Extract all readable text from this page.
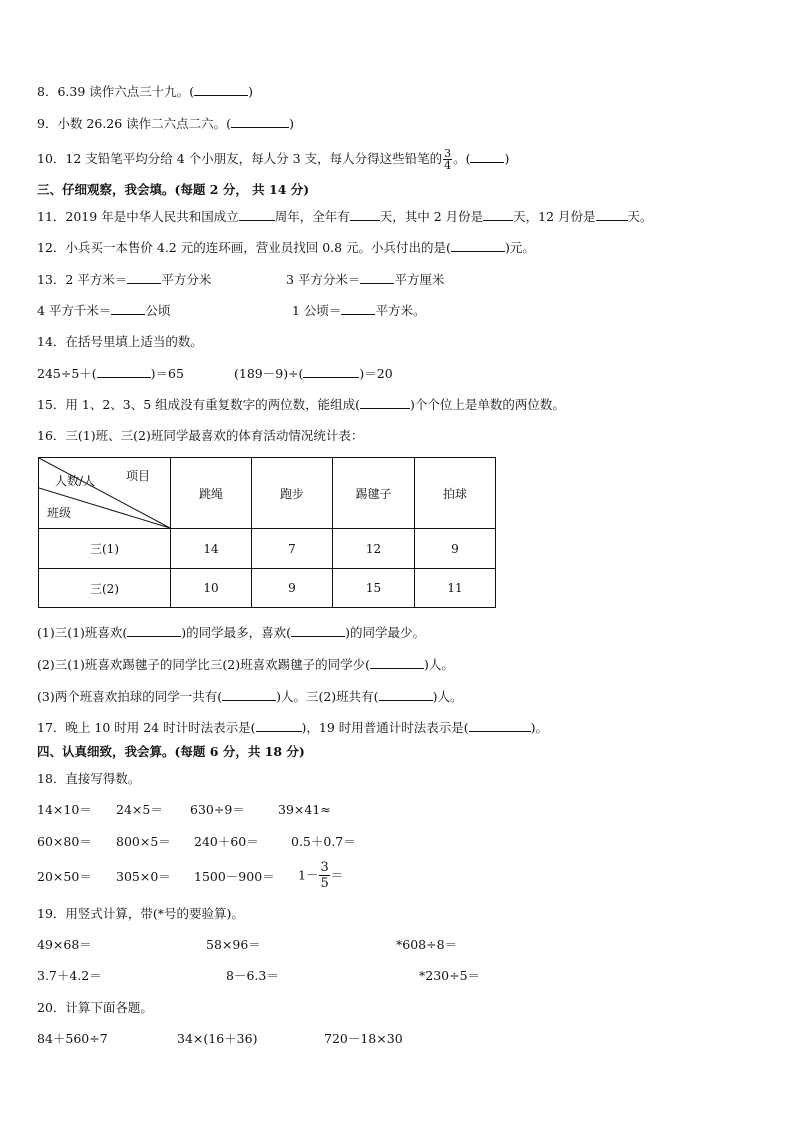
8．6.39 读作六点三十九。(	)
9．小数 26.26 读作二六点二六。(	)
10．12 支铅笔平均分给 4 个小朋友，每人分 3 支，每人分得这些铅笔的 $\frac{3}{4}$ 。(	)
三、仔细观察，我会填。(每题 2 分， 共 14 分)
11．2019 年是中华人民共和国成立	周年，全年有 天，其中 2 月份是 天，12 月份是	天。
12．小兵买一本售价 4.2 元的连环画，营业员找回 0.8 元。小兵付出的是(	)元。
13．2 平方米＝	平方分米	3 平方分米＝	平方厘米
4 平方千米＝	公顷	1 公顷＝	平方米。
14．在括号里填上适当的数。
245÷5＋(	)＝65	(189－9)÷(	)＝20
15．用 1、2、3、5 组成没有重复数字的两位数，能组成(	)个个位上是单数的两位数。
16．三(1)班、三(2)班同学最喜欢的体育活动情况统计表：
项目
人数/人
班级	跳绳	跑步	踢毽子	拍球
三(1)	14	7	12	9
三(2)	10	9	15	11
(1)三(1)班喜欢(	)的同学最多，喜欢(	)的同学最少。
(2)三(1)班喜欢踢毽子的同学比三(2)班喜欢踢毽子的同学少(	)人。
(3)两个班喜欢拍球的同学一共有(	)人。三(2)班共有(	)人。
17．晚上 10 时用 24 时计时法表示是(	)，19 时用普通计时法表示是(	)。
四、认真细致，我会算。(每题 6 分，共 18 分)
18．直接写得数。
14×10＝ 24×5＝ 630÷9＝	39×41≈
60×80＝ 800×5＝ 240＋60＝	0.5＋0.7＝
$20\times 50= 305\times 0= 1500-900= 1- \frac{3}{5}$ ＝
19．用竖式计算，带(*号的要验算)。
49×68＝	58×96＝	*608÷8＝
3.7＋4.2＝	8－6.3＝	*230÷5＝
20．计算下面各题。
84＋560÷7	34×(16＋36)	720－18×30
